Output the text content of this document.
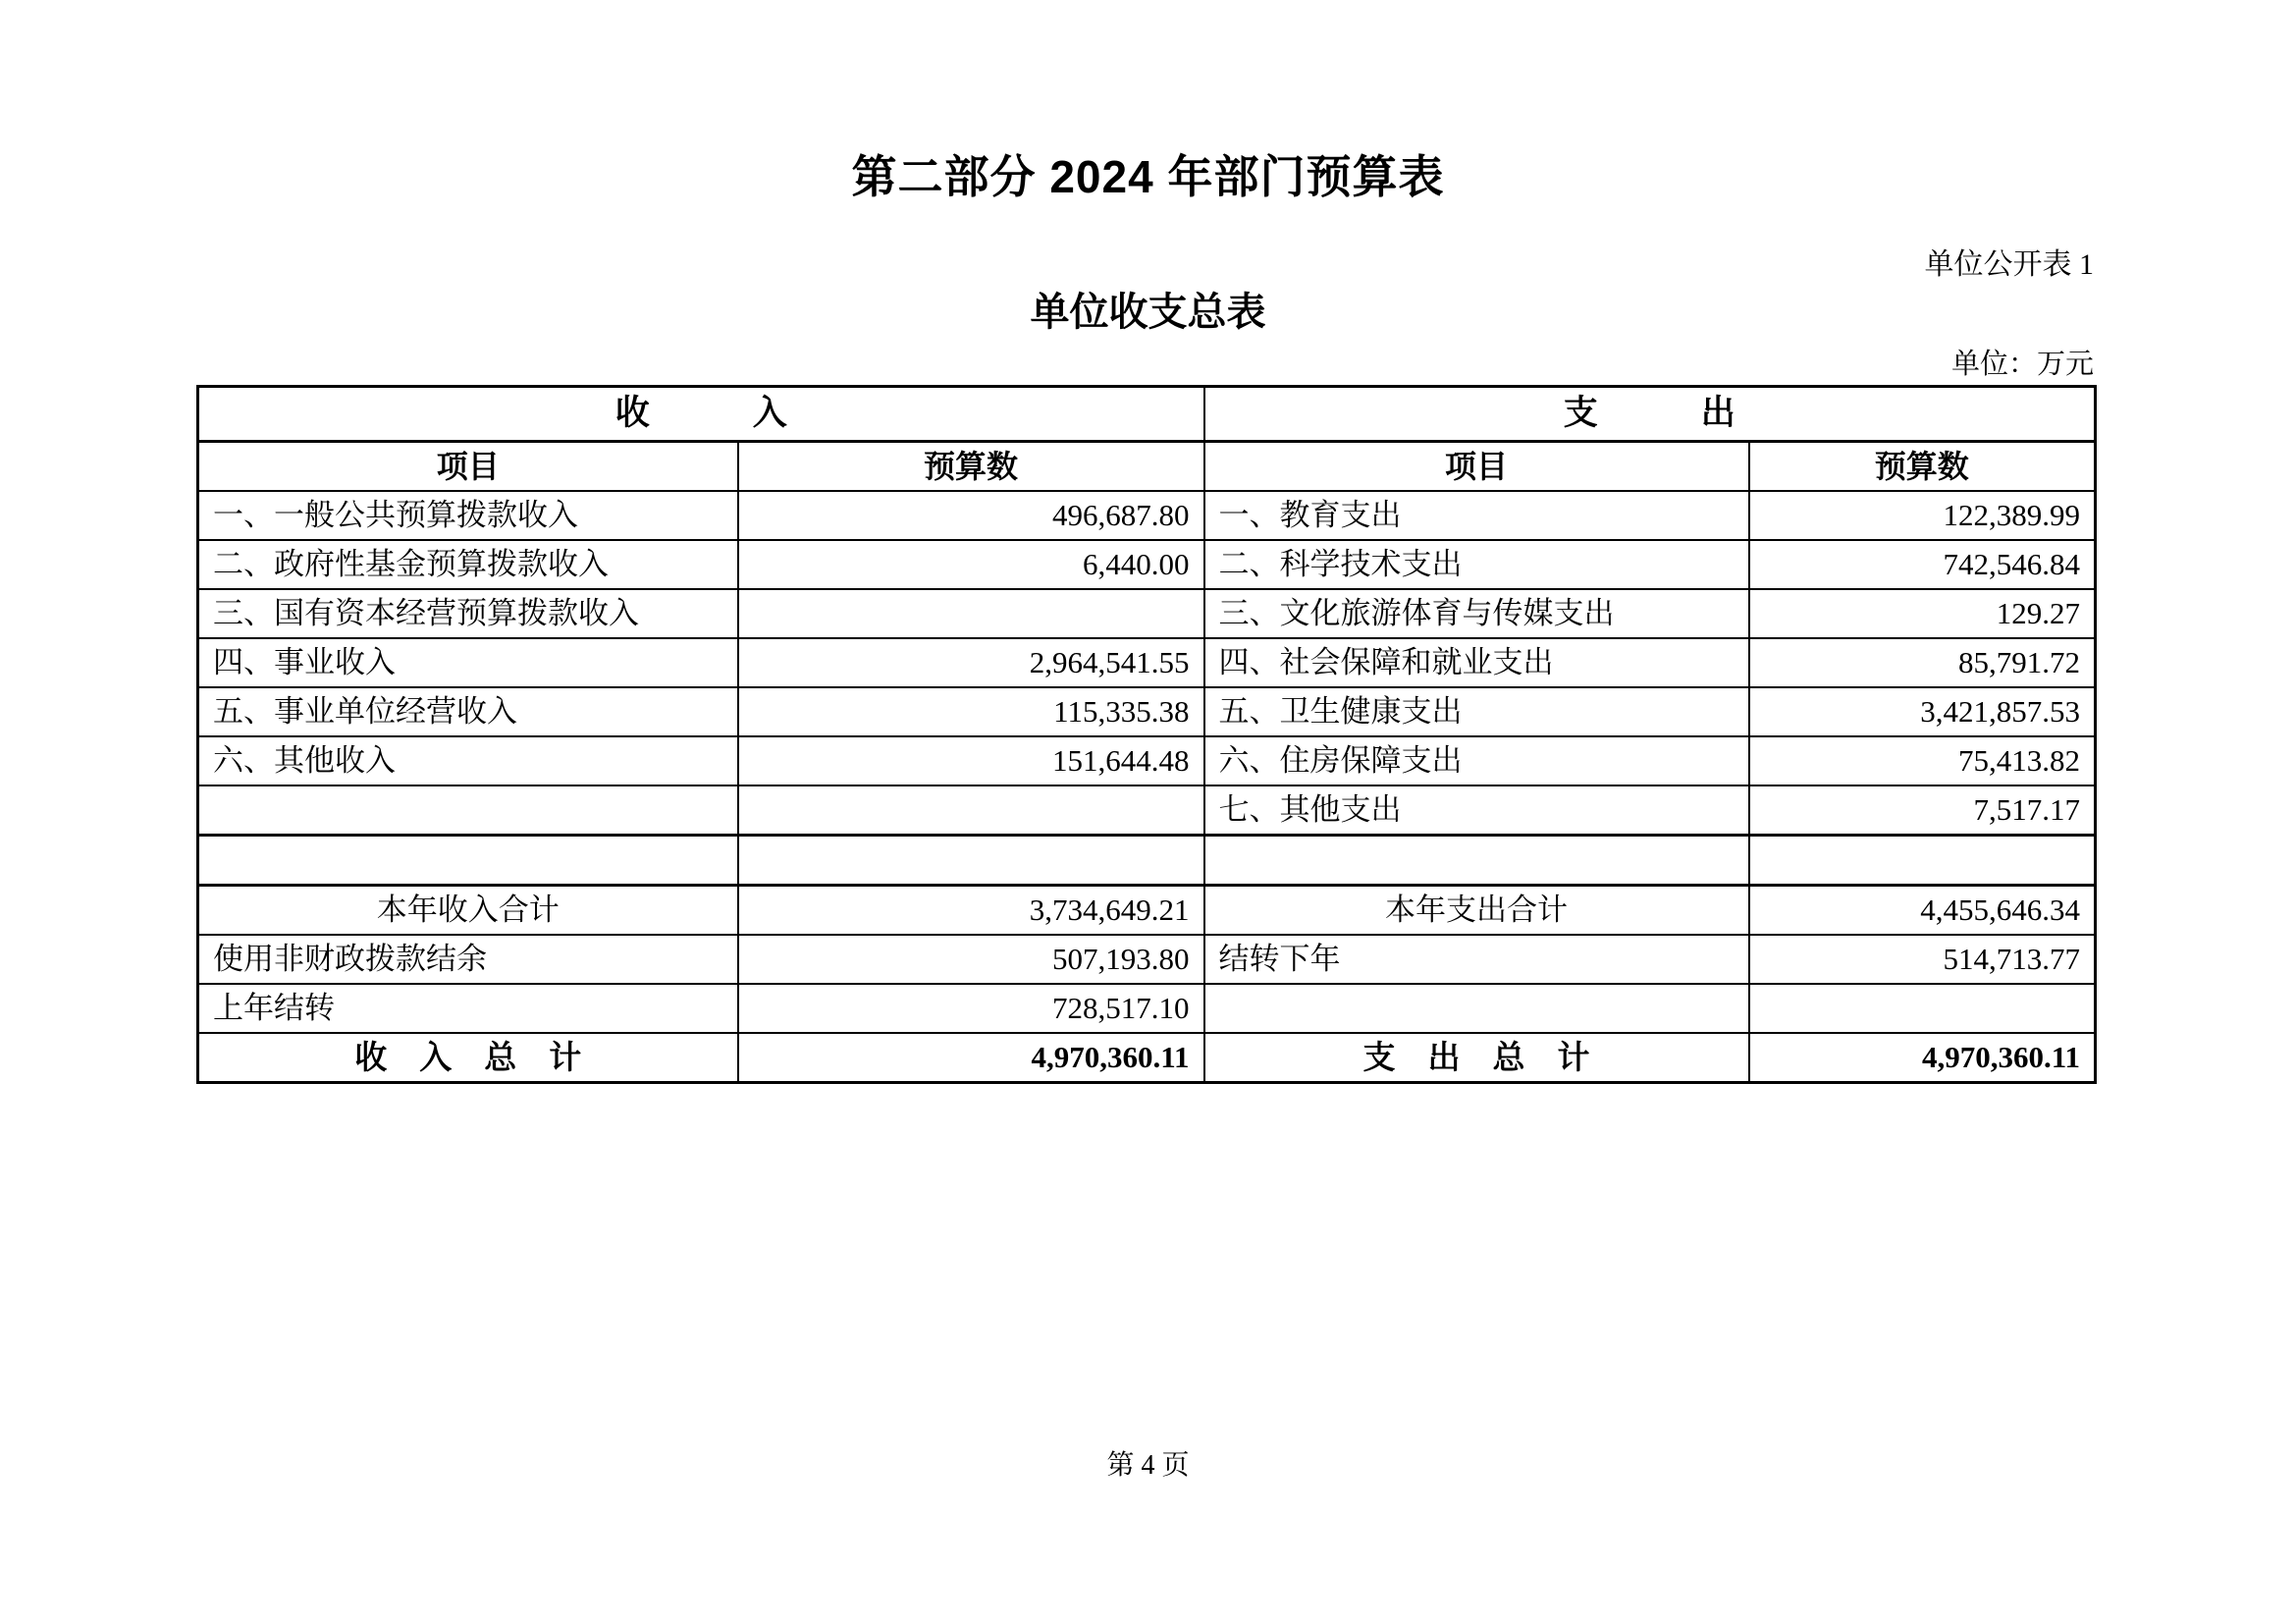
第二部分 2024 年部门预算表
单位公开表 1
单位收支总表
单位：万元
收　　　入		支　　　出	
项目	预算数	项目	预算数
一、一般公共预算拨款收入	496,687.80	一、教育支出	122,389.99
二、政府性基金预算拨款收入	6,440.00	二、科学技术支出	742,546.84
三、国有资本经营预算拨款收入		三、文化旅游体育与传媒支出	129.27
四、事业收入	2,964,541.55	四、社会保障和就业支出	85,791.72
五、事业单位经营收入	115,335.38	五、卫生健康支出	3,421,857.53
六、其他收入	151,644.48	六、住房保障支出	75,413.82
		七、其他支出	7,517.17

本年收入合计	3,734,649.21	本年支出合计	4,455,646.34
使用非财政拨款结余	507,193.80	结转下年	514,713.77
上年结转	728,517.10		
收　入　总　计	4,970,360.11	支　出　总　计	4,970,360.11
第 4 页
